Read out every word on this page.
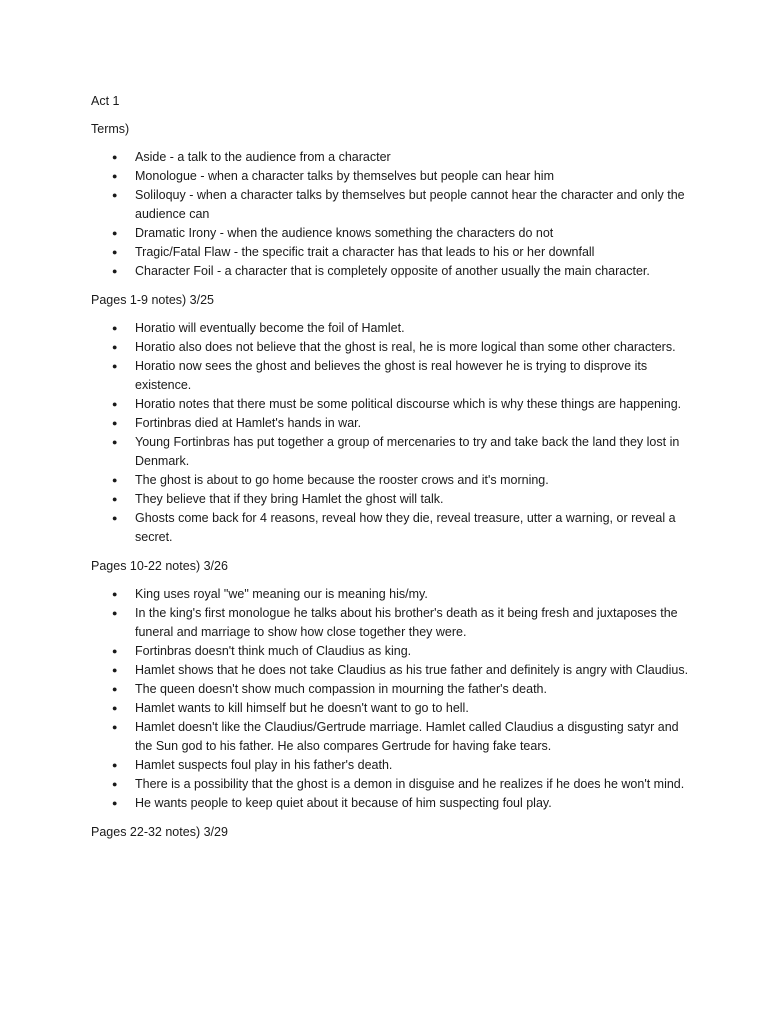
Act 1

Terms)

● Aside - a talk to the audience from a character
● Monologue - when a character talks by themselves but people can hear him
● Soliloquy - when a character talks by themselves but people cannot hear the character and only the audience can
● Dramatic Irony - when the audience knows something the characters do not
● Tragic/Fatal Flaw - the specific trait a character has that leads to his or her downfall
● Character Foil - a character that is completely opposite of another usually the main character.

Pages 1-9 notes) 3/25

● Horatio will eventually become the foil of Hamlet.
● Horatio also does not believe that the ghost is real, he is more logical than some other characters.
● Horatio now sees the ghost and believes the ghost is real however he is trying to disprove its existence.
● Horatio notes that there must be some political discourse which is why these things are happening.
● Fortinbras died at Hamlet's hands in war.
● Young Fortinbras has put together a group of mercenaries to try and take back the land they lost in Denmark.
● The ghost is about to go home because the rooster crows and it's morning.
● They believe that if they bring Hamlet the ghost will talk.
● Ghosts come back for 4 reasons, reveal how they die, reveal treasure, utter a warning, or reveal a secret.

Pages 10-22 notes) 3/26

● King uses royal "we" meaning our is meaning his/my.
● In the king's first monologue he talks about his brother's death as it being fresh and juxtaposes the funeral and marriage to show how close together they were.
● Fortinbras doesn't think much of Claudius as king.
● Hamlet shows that he does not take Claudius as his true father and definitely is angry with Claudius.
● The queen doesn't show much compassion in mourning the father's death.
● Hamlet wants to kill himself but he doesn't want to go to hell.
● Hamlet doesn't like the Claudius/Gertrude marriage. Hamlet called Claudius a disgusting satyr and the Sun god to his father. He also compares Gertrude for having fake tears.
● Hamlet suspects foul play in his father's death.
● There is a possibility that the ghost is a demon in disguise and he realizes if he does he won't mind.
● He wants people to keep quiet about it because of him suspecting foul play.

Pages 22-32 notes) 3/29
